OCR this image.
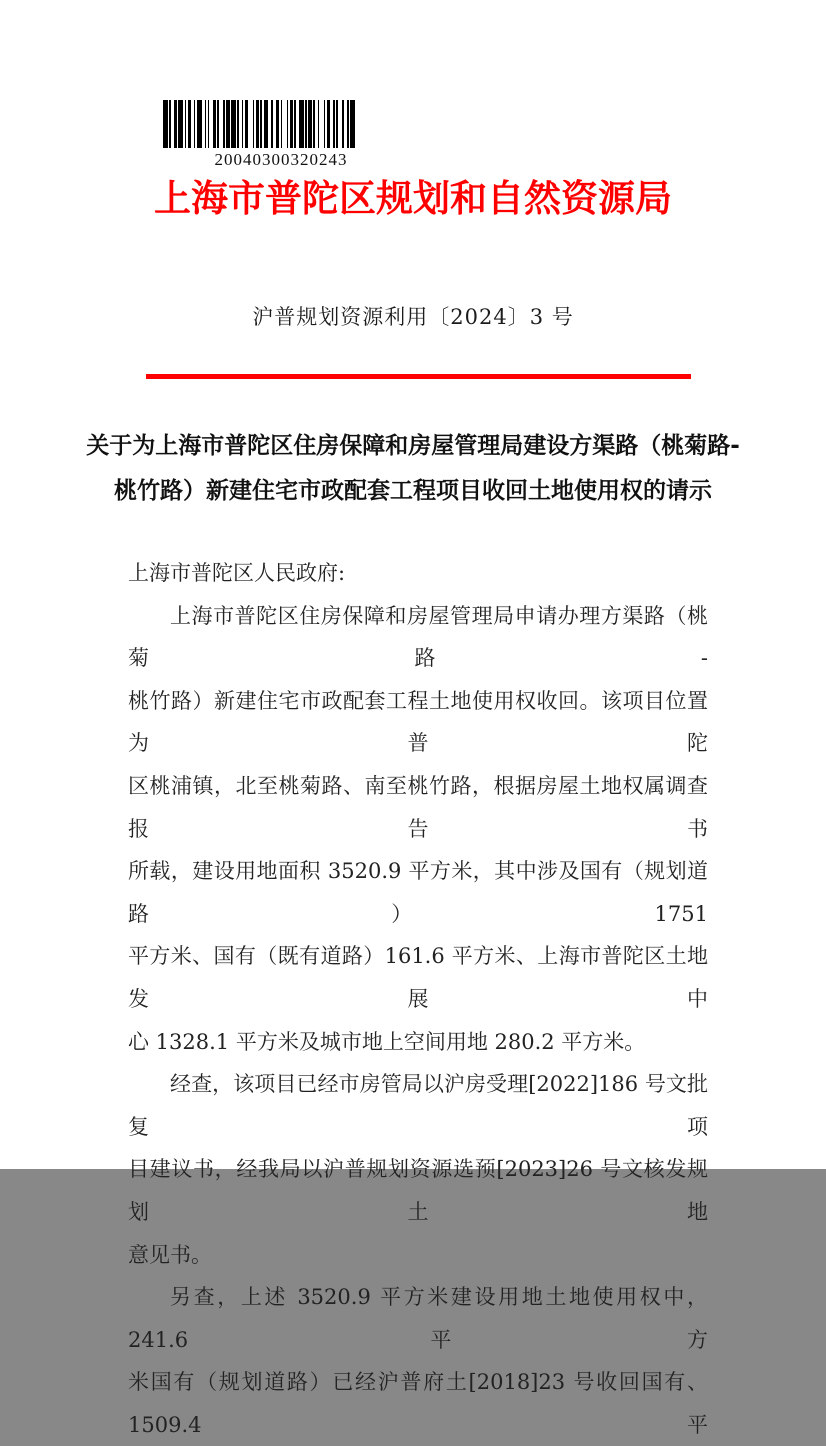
20040300320243
上海市普陀区规划和自然资源局
沪普规划资源利用〔2024〕3 号
关于为上海市普陀区住房保障和房屋管理局建设方渠路（桃菊路-
桃竹路）新建住宅市政配套工程项目收回土地使用权的请示
上海市普陀区人民政府:
上海市普陀区住房保障和房屋管理局申请办理方渠路（桃菊路-
桃竹路）新建住宅市政配套工程土地使用权收回。该项目位置为普陀
区桃浦镇，北至桃菊路、南至桃竹路，根据房屋土地权属调查报告书
所载，建设用地面积 3520.9 平方米，其中涉及国有（规划道路）1751
平方米、国有（既有道路）161.6 平方米、上海市普陀区土地发展中
心 1328.1 平方米及城市地上空间用地 280.2 平方米。
经查，该项目已经市房管局以沪房受理[2022]186 号文批复项
目建议书，经我局以沪普规划资源选预[2023]26 号文核发规划土地
意见书。
另查，上述 3520.9 平方米建设用地土地使用权中，241.6 平方
米国有（规划道路）已经沪普府土[2018]23 号收回国有、1509.4 平
